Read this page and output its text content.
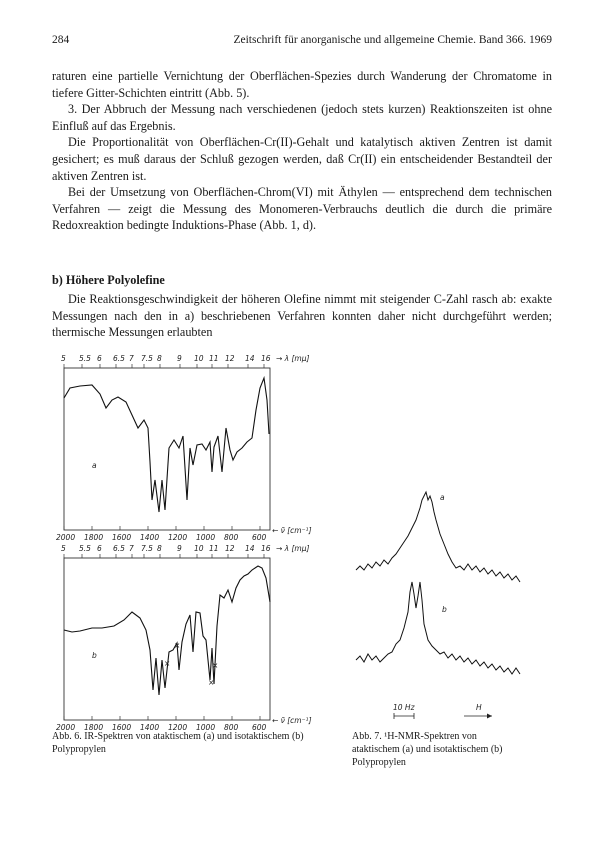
284	Zeitschrift für anorganische und allgemeine Chemie. Band 366. 1969

raturen eine partielle Vernichtung der Oberflächen-Spezies durch Wanderung der Chromatome in tiefere Gitter-Schichten eintritt (Abb. 5).

3. Der Abbruch der Messung nach verschiedenen (jedoch stets kurzen) Reaktionszeiten ist ohne Einfluß auf das Ergebnis.

Die Proportionalität von Oberflächen-Cr(II)-Gehalt und katalytisch aktiven Zentren ist damit gesichert; es muß daraus der Schluß gezogen werden, daß Cr(II) ein entscheidender Bestandteil der aktiven Zentren ist.

Bei der Umsetzung von Oberflächen-Chrom(VI) mit Äthylen — entsprechend dem technischen Verfahren — zeigt die Messung des Monomeren-Verbrauchs deutlich die durch die primäre Redoxreaktion bedingte Induktions-Phase (Abb. 1, d).

b) Höhere Polyolefine

Die Reaktionsgeschwindigkeit der höheren Olefine nimmt mit steigender C-Zahl rasch ab: exakte Messungen nach den in a) beschriebenen Verfahren konnten daher nicht durchgeführt werden; thermische Messungen erlaubten

5 5.5 6 6.5 7 7.5 8 9 10 11 12 14 16 → λ [mμ]
a
2000 1800 1600 1400 1200 1000 800 600
← ν̃ [cm⁻¹]
5 5.5 6 6.5 7 7.5 8 9 10 11 12 14 16 → λ [mμ]
b
×
×
×
×
2000 1800 1600 1400 1200 1000 800 600
← ν̃ [cm⁻¹]
a
b
10 Hz	H
Abb. 6. IR-Spektren von ataktischem (a) und isotaktischem (b) Polypropylen
Abb. 7. ¹H-NMR-Spektren von ataktischem (a) und isotaktischem (b) Polypropylen
